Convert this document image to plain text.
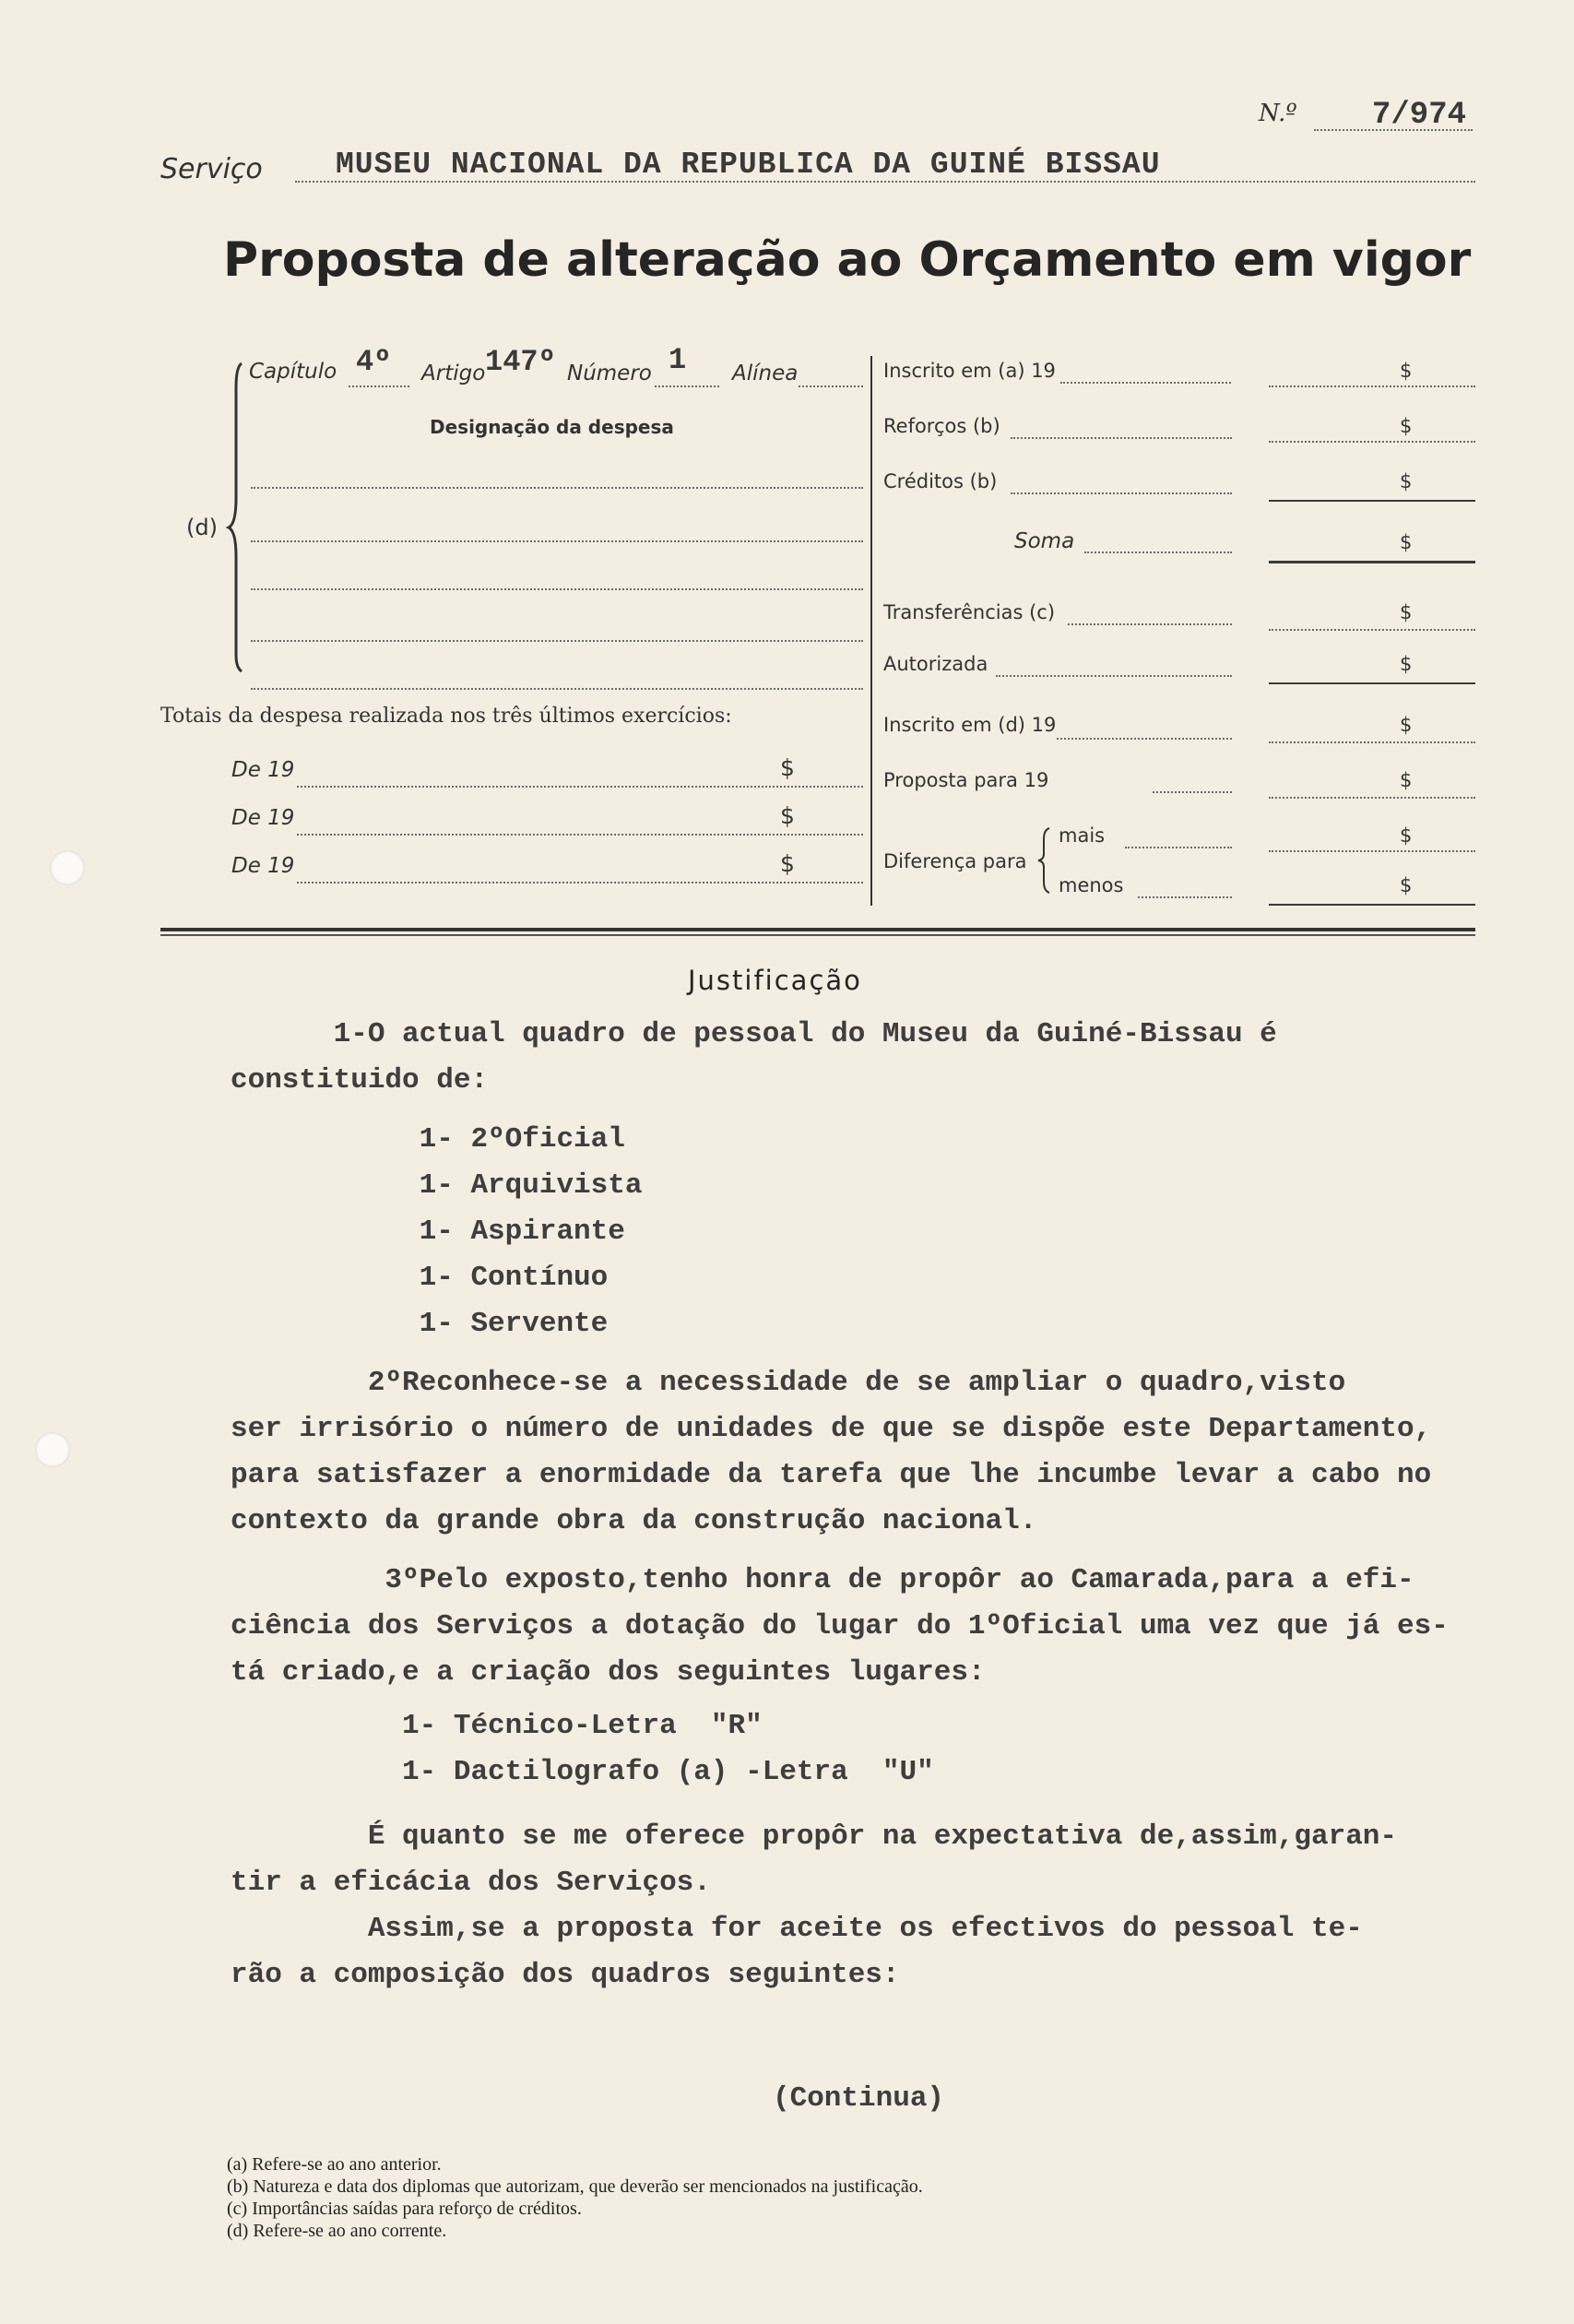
N.º 7/974
Serviço MUSEU NACIONAL DA REPUBLICA DA GUINÉ BISSAU
Proposta de alteração ao Orçamento em vigor
Capítulo 4º Artigo 147º Número 1 Alínea
(d)
Designação da despesa
Totais da despesa realizada nos três últimos exercícios:
De 19	$
De 19	$
De 19	$
Inscrito em (a) 19	$
Reforços (b)	$
Créditos (b)	$
Soma	$
Transferências (c)	$
Autorizada	$
Inscrito em (d) 19	$
Proposta para 19	$
Diferença para
mais	$
menos	$
Justificação
1-O actual quadro de pessoal do Museu da Guiné-Bissau é
constituido de:
1- 2ºOficial
1- Arquivista
1- Aspirante
1- Contínuo
1- Servente
2ºReconhece-se a necessidade de se ampliar o quadro,visto
ser irrisório o número de unidades de que se dispõe este Departamento,
para satisfazer a enormidade da tarefa que lhe incumbe levar a cabo no
contexto da grande obra da construção nacional.
3ºPelo exposto,tenho honra de propôr ao Camarada,para a efi-
ciência dos Serviços a dotação do lugar do 1ºOficial uma vez que já es-
tá criado,e a criação dos seguintes lugares:
1- Técnico-Letra  "R"
1- Dactilografo (a) -Letra  "U"
É quanto se me oferece propôr na expectativa de,assim,garan-
tir a eficácia dos Serviços.
Assim,se a proposta for aceite os efectivos do pessoal te-
rão a composição dos quadros seguintes:
(Continua)
(a) Refere-se ao ano anterior.
(b) Natureza e data dos diplomas que autorizam, que deverão ser mencionados na justificação.
(c) Importâncias saídas para reforço de créditos.
(d) Refere-se ao ano corrente.
